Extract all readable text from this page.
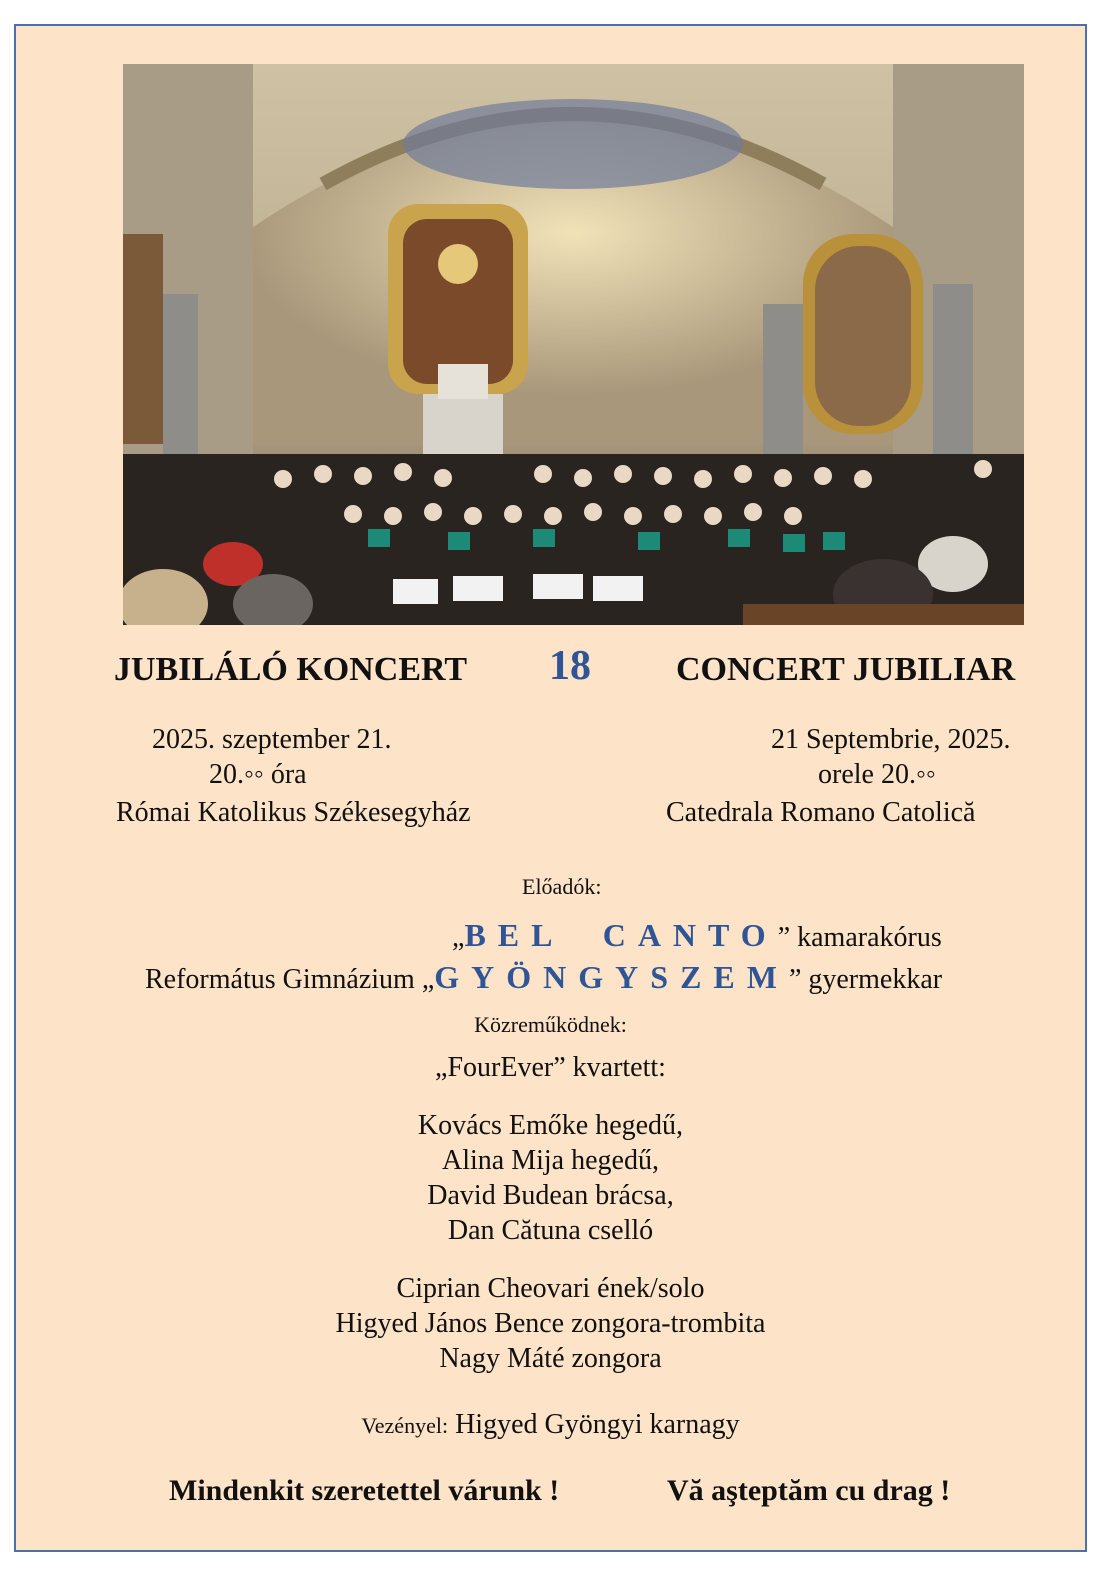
JUBILÁLÓ KONCERT 18	CONCERT JUBILIAR
2025. szeptember 21.
20.◦◦ óra
Római Katolikus Székesegyház
21 Septembrie, 2025.
orele 20.◦◦
Catedrala Romano Catolică
Előadók:
„BEL  CANTO” kamarakórus
Református Gimnázium „GYÖNGYSZEM” gyermekkar
Közreműködnek:
„FourEver” kvartett:
Kovács Emőke hegedű,
Alina Mija hegedű,
David Budean brácsa,
Dan Cătuna cselló
Ciprian Cheovari ének/solo
Higyed János Bence zongora-trombita
Nagy Máté zongora
Vezényel: Higyed Gyöngyi karnagy
Mindenkit szeretettel várunk !	Vă aşteptăm cu drag !
